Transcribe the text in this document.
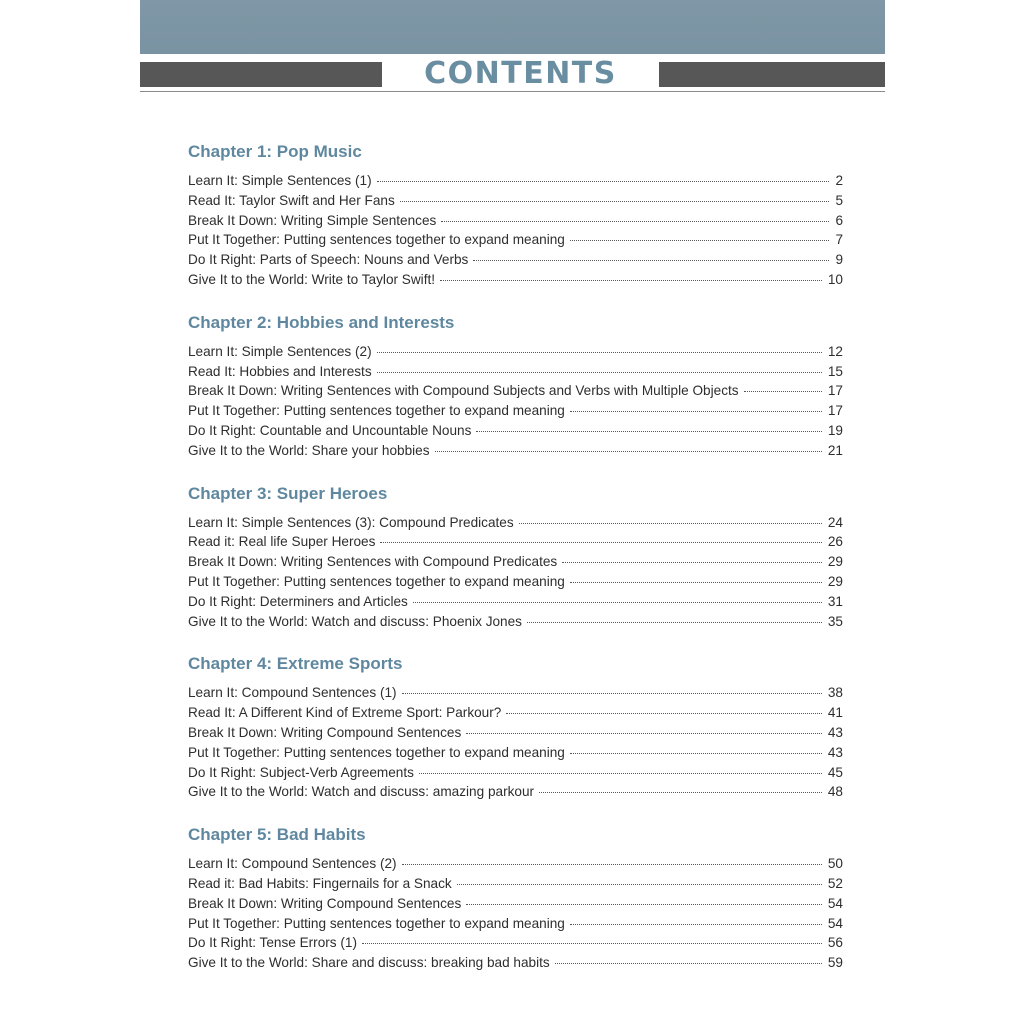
CONTENTS
Chapter 1: Pop Music
Learn It: Simple Sentences (1)	2
Read It: Taylor Swift and Her Fans	5
Break It Down: Writing Simple Sentences	6
Put It Together: Putting sentences together to expand meaning	7
Do It Right: Parts of Speech: Nouns and Verbs	9
Give It to the World: Write to Taylor Swift!	10
Chapter 2: Hobbies and Interests
Learn It: Simple Sentences (2)	12
Read It: Hobbies and Interests	15
Break It Down: Writing Sentences with Compound Subjects and Verbs with Multiple Objects	17
Put It Together: Putting sentences together to expand meaning	17
Do It Right: Countable and Uncountable Nouns	19
Give It to the World: Share your hobbies	21
Chapter 3: Super Heroes
Learn It: Simple Sentences (3): Compound Predicates	24
Read it: Real life Super Heroes	26
Break It Down: Writing Sentences with Compound Predicates	29
Put It Together: Putting sentences together to expand meaning	29
Do It Right: Determiners and Articles	31
Give It to the World: Watch and discuss: Phoenix Jones	35
Chapter 4: Extreme Sports
Learn It: Compound Sentences (1)	38
Read It: A Different Kind of Extreme Sport: Parkour?	41
Break It Down: Writing Compound Sentences	43
Put It Together: Putting sentences together to expand meaning	43
Do It Right: Subject-Verb Agreements	45
Give It to the World: Watch and discuss: amazing parkour	48
Chapter 5: Bad Habits
Learn It: Compound Sentences (2)	50
Read it: Bad Habits: Fingernails for a Snack	52
Break It Down: Writing Compound Sentences	54
Put It Together: Putting sentences together to expand meaning	54
Do It Right: Tense Errors (1)	56
Give It to the World: Share and discuss: breaking bad habits	59
